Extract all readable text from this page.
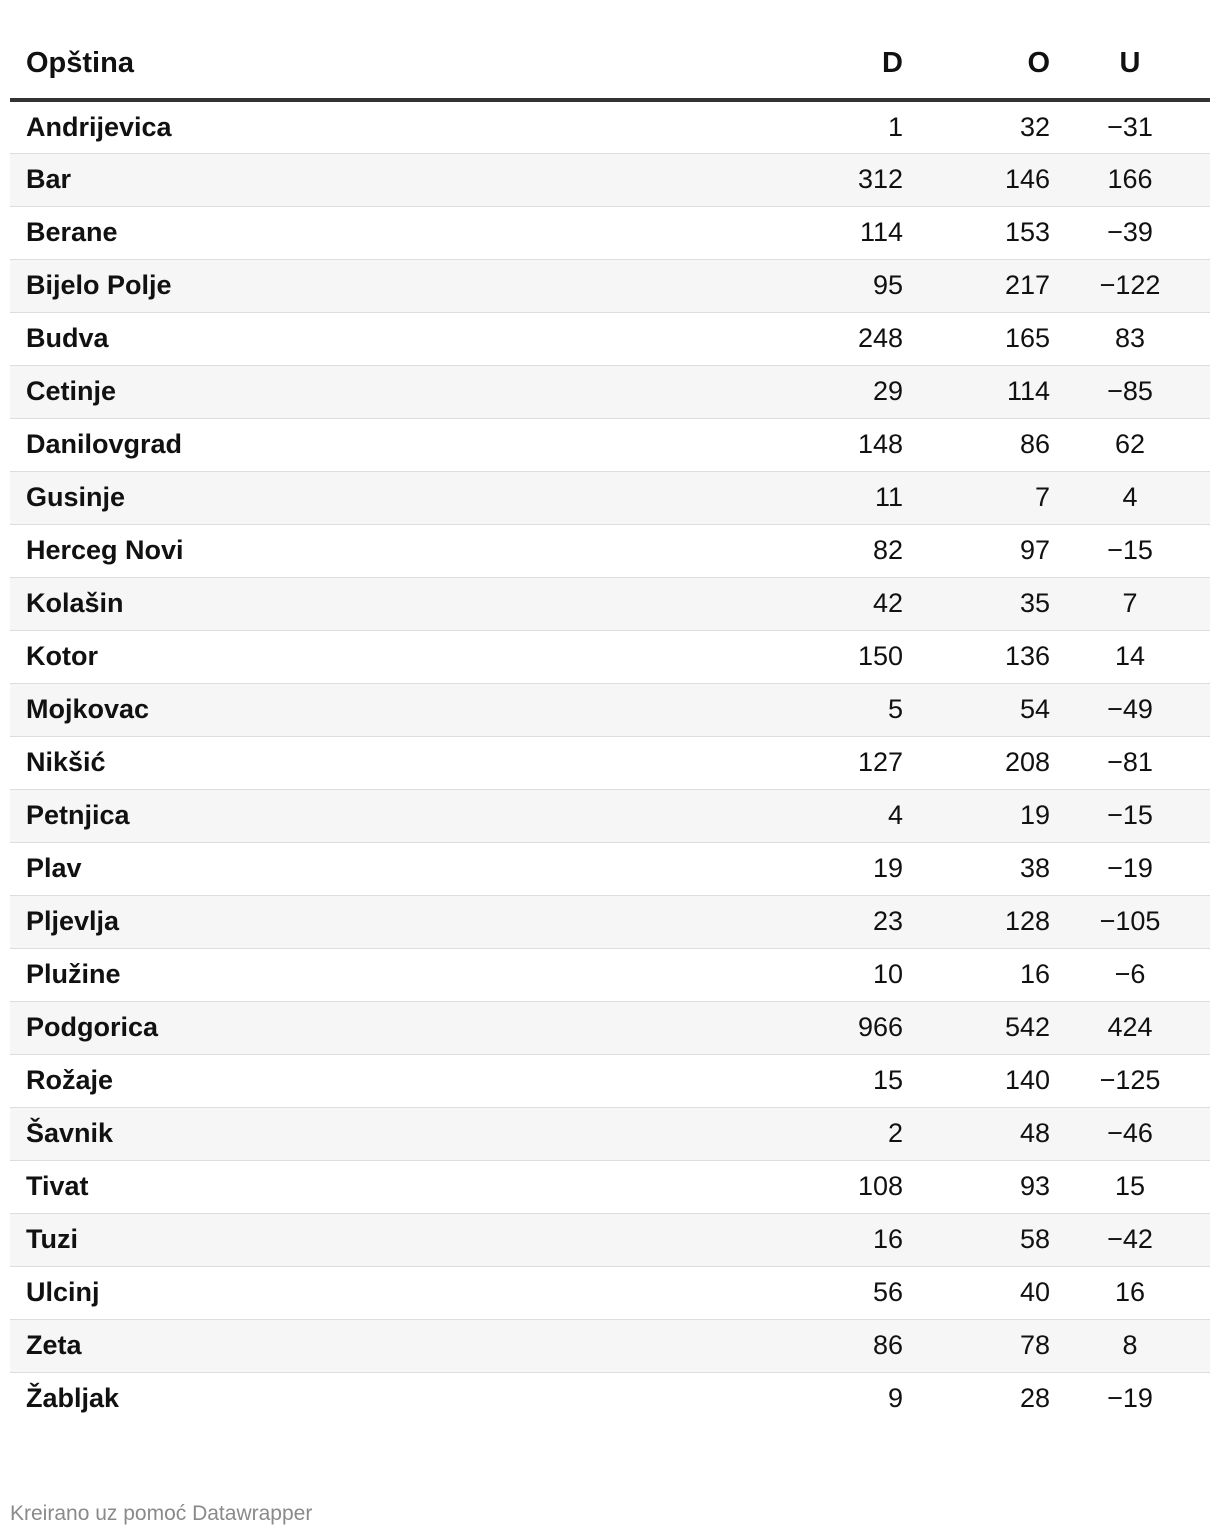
Opština	D	O	U
Andrijevica	1	32	−31
Bar	312	146	166
Berane	114	153	−39
Bijelo Polje	95	217	−122
Budva	248	165	83
Cetinje	29	114	−85
Danilovgrad	148	86	62
Gusinje	11	7	4
Herceg Novi	82	97	−15
Kolašin	42	35	7
Kotor	150	136	14
Mojkovac	5	54	−49
Nikšić	127	208	−81
Petnjica	4	19	−15
Plav	19	38	−19
Pljevlja	23	128	−105
Plužine	10	16	−6
Podgorica	966	542	424
Rožaje	15	140	−125
Šavnik	2	48	−46
Tivat	108	93	15
Tuzi	16	58	−42
Ulcinj	56	40	16
Zeta	86	78	8
Žabljak	9	28	−19
Kreirano uz pomoć Datawrapper
